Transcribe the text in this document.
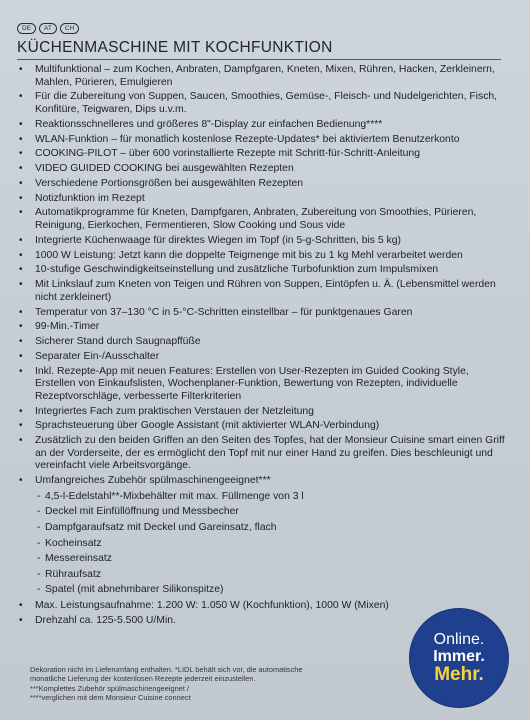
DE	AT	CH
KÜCHENMASCHINE MIT KOCHFUNKTION
• Multifunktional – zum Kochen, Anbraten, Dampfgaren, Kneten, Mixen, Rühren, Hacken, Zerkleinern, Mahlen, Pürieren, Emulgieren
• Für die Zubereitung von Suppen, Saucen, Smoothies, Gemüse-, Fleisch- und Nudelgerichten, Fisch, Konfitüre, Teigwaren, Dips u.v.m.
• Reaktionsschnelleres und größeres 8"-Display zur einfachen Bedienung****
• WLAN-Funktion – für monatlich kostenlose Rezepte-Updates* bei aktiviertem Benutzerkonto
• COOKING-PILOT – über 600 vorinstallierte Rezepte mit Schritt-für-Schritt-Anleitung
• VIDEO GUIDED COOKING bei ausgewählten Rezepten
• Verschiedene Portionsgrößen bei ausgewählten Rezepten
• Notizfunktion im Rezept
• Automatikprogramme für Kneten, Dampfgaren, Anbraten, Zubereitung von Smoothies, Pürieren, Reinigung, Eierkochen, Fermentieren, Slow Cooking und Sous vide
• Integrierte Küchenwaage für direktes Wiegen im Topf (in 5-g-Schritten, bis 5 kg)
• 1000 W Leistung: Jetzt kann die doppelte Teigmenge mit bis zu 1 kg Mehl verarbeitet werden
• 10-stufige Geschwindigkeitseinstellung und zusätzliche Turbofunktion zum Impulsmixen
• Mit Linkslauf zum Kneten von Teigen und Rühren von Suppen, Eintöpfen u. Ä. (Lebensmittel werden nicht zerkleinert)
• Temperatur von 37–130 °C in 5-°C-Schritten einstellbar – für punktgenaues Garen
• 99-Min.-Timer
• Sicherer Stand durch Saugnapffüße
• Separater Ein-/Ausschalter
• Inkl. Rezepte-App mit neuen Features: Erstellen von User-Rezepten im Guided Cooking Style, Erstellen von Einkaufslisten, Wochenplaner-Funktion, Bewertung von Rezepten, individuelle Rezeptvorschläge, verbesserte Filterkriterien
• Integriertes Fach zum praktischen Verstauen der Netzleitung
• Sprachsteuerung über Google Assistant (mit aktivierter WLAN-Verbindung)
• Zusätzlich zu den beiden Griffen an den Seiten des Topfes, hat der Monsieur Cuisine smart einen Griff an der Vorderseite, der es ermöglicht den Topf mit nur einer Hand zu greifen. Dies beschleunigt und vereinfacht viele Arbeitsvorgänge.
• Umfangreiches Zubehör spülmaschinengeeignet***
- 4,5-l-Edelstahl**-Mixbehälter mit max. Füllmenge von 3 l
- Deckel mit Einfüllöffnung und Messbecher
- Dampfgaraufsatz mit Deckel und Gareinsatz, flach
- Kocheinsatz
- Messereinsatz
- Rühraufsatz
- Spatel (mit abnehmbarer Silikonspitze)
• Max. Leistungsaufnahme: 1.200 W: 1.050 W (Kochfunktion), 1000 W (Mixen)
• Drehzahl ca. 125-5.500 U/Min.
Dekoration nicht im Lieferumfang enthalten. *LIDL behält sich vor, die automatische
monatliche Lieferung der kostenlosen Rezepte jederzeit einzustellen.
***Komplettes Zubehör spülmaschinengeeignet /
****verglichen mit dem Monsieur Cuisine connect
Online.
Immer.
Mehr.
